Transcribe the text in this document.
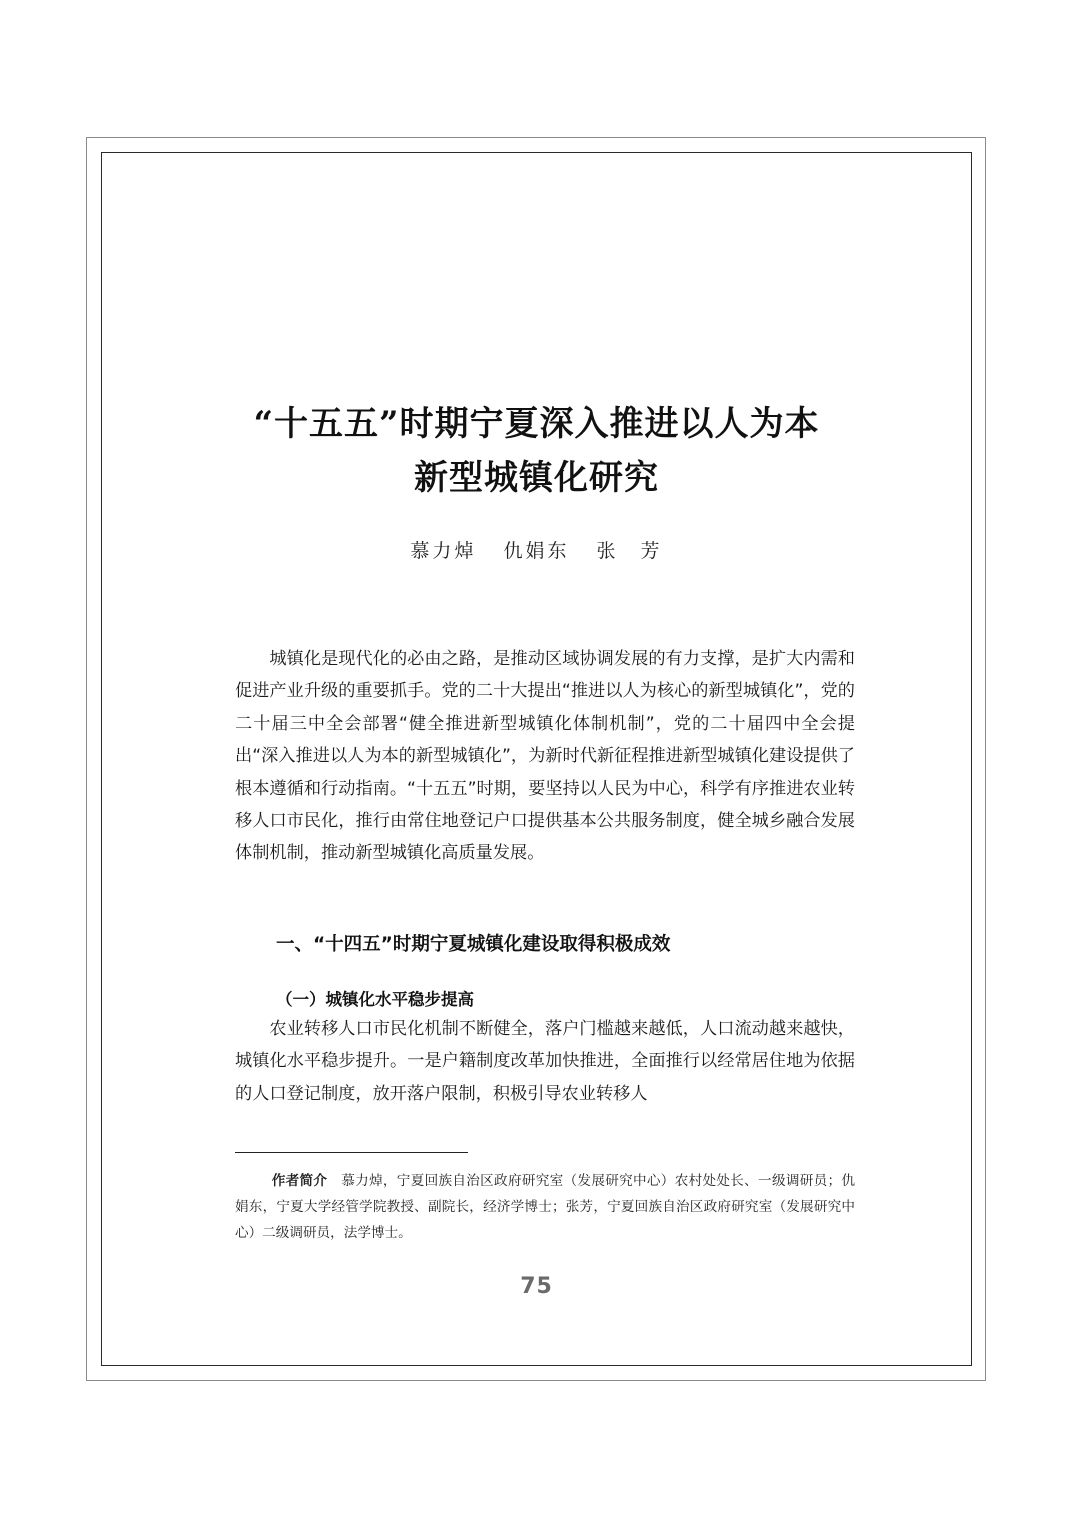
“十五五”时期宁夏深入推进以人为本
新型城镇化研究
慕力焯 仇娟东 张　芳
城镇化是现代化的必由之路，是推动区域协调发展的有力支撑，是扩大内需和促进产业升级的重要抓手。党的二十大提出“推进以人为核心的新型城镇化”，党的二十届三中全会部署“健全推进新型城镇化体制机制”，党的二十届四中全会提出“深入推进以人为本的新型城镇化”，为新时代新征程推进新型城镇化建设提供了根本遵循和行动指南。“十五五”时期，要坚持以人民为中心，科学有序推进农业转移人口市民化，推行由常住地登记户口提供基本公共服务制度，健全城乡融合发展体制机制，推动新型城镇化高质量发展。
一、“十四五”时期宁夏城镇化建设取得积极成效
（一）城镇化水平稳步提高
农业转移人口市民化机制不断健全，落户门槛越来越低，人口流动越来越快，城镇化水平稳步提升。一是户籍制度改革加快推进，全面推行以经常居住地为依据的人口登记制度，放开落户限制，积极引导农业转移人
作者简介　 慕力焯，宁夏回族自治区政府研究室（发展研究中心）农村处处长、一级调研员；仇娟东，宁夏大学经管学院教授、副院长，经济学博士；张芳，宁夏回族自治区政府研究室（发展研究中心）二级调研员，法学博士。
75
